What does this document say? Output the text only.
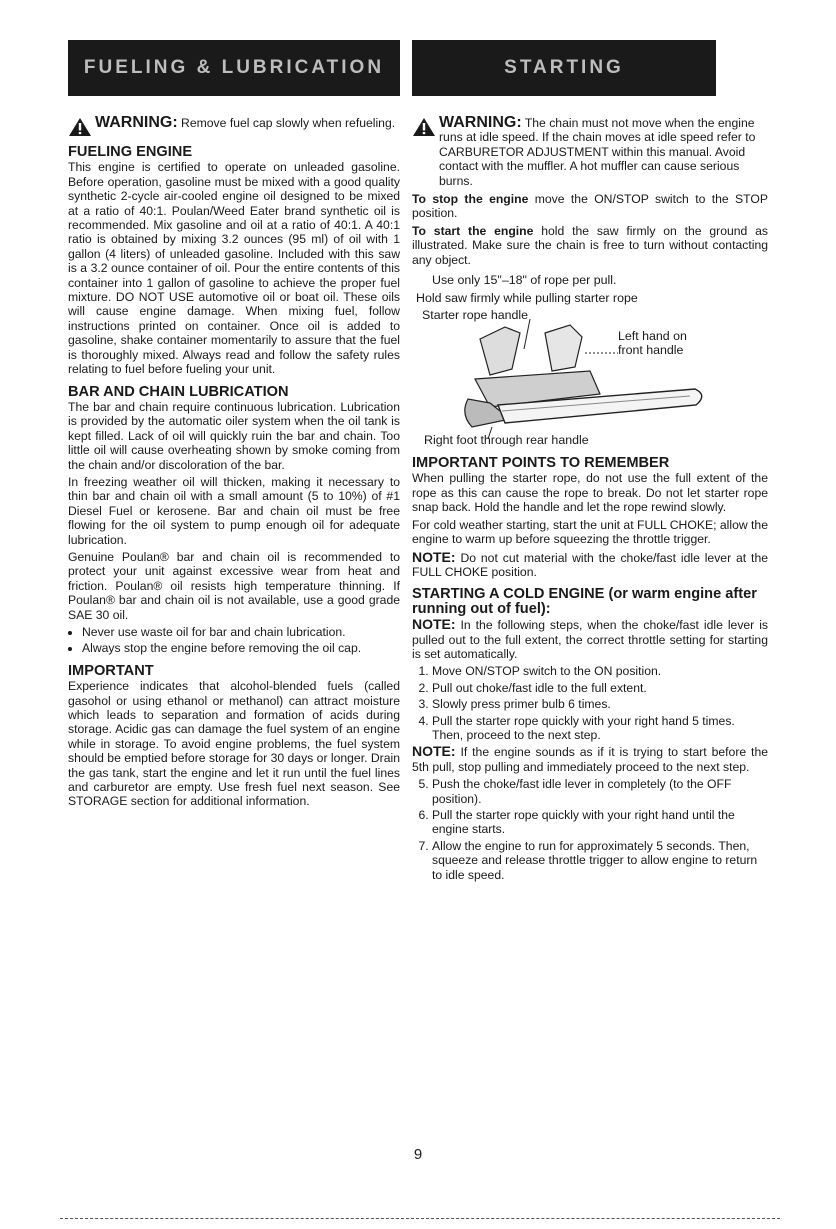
FUELING & LUBRICATION
WARNING: Remove fuel cap slowly when refueling.
FUELING ENGINE

This engine is certified to operate on unleaded gasoline. Before operation, gasoline must be mixed with a good quality synthetic 2-cycle air-cooled engine oil designed to be mixed at a ratio of 40:1. Poulan/Weed Eater brand synthetic oil is recommended. Mix gasoline and oil at a ratio of 40:1. A 40:1 ratio is obtained by mixing 3.2 ounces (95 ml) of oil with 1 gallon (4 liters) of unleaded gasoline. Included with this saw is a 3.2 ounce container of oil. Pour the entire contents of this container into 1 gallon of gasoline to achieve the proper fuel mixture. DO NOT USE automotive oil or boat oil. These oils will cause engine damage. When mixing fuel, follow instructions printed on container. Once oil is added to gasoline, shake container momentarily to assure that the fuel is thoroughly mixed. Always read and follow the safety rules relating to fuel before fueling your unit.

BAR AND CHAIN LUBRICATION

The bar and chain require continuous lubrication. Lubrication is provided by the automatic oiler system when the oil tank is kept filled. Lack of oil will quickly ruin the bar and chain. Too little oil will cause overheating shown by smoke coming from the chain and/or discoloration of the bar.

In freezing weather oil will thicken, making it necessary to thin bar and chain oil with a small amount (5 to 10%) of #1 Diesel Fuel or kerosene. Bar and chain oil must be free flowing for the oil system to pump enough oil for adequate lubrication.

Genuine Poulan® bar and chain oil is recommended to protect your unit against excessive wear from heat and friction. Poulan® oil resists high temperature thinning. If Poulan® bar and chain oil is not available, use a good grade SAE 30 oil.

• Never use waste oil for bar and chain lubrication.
• Always stop the engine before removing the oil cap.
IMPORTANT

Experience indicates that alcohol-blended fuels (called gasohol or using ethanol or methanol) can attract moisture which leads to separation and formation of acids during storage. Acidic gas can damage the fuel system of an engine while in storage. To avoid engine problems, the fuel system should be emptied before storage for 30 days or longer. Drain the gas tank, start the engine and let it run until the fuel lines and carburetor are empty. Use fresh fuel next season. See STORAGE section for additional information.

STARTING
WARNING: The chain must not move when the engine runs at idle speed. If the chain moves at idle speed refer to CARBURETOR ADJUSTMENT within this manual. Avoid contact with the muffler. A hot muffler can cause serious burns.

To stop the engine move the ON/STOP switch to the STOP position.

To start the engine hold the saw firmly on the ground as illustrated. Make sure the chain is free to turn without contacting any object.

Use only 15"–18" of rope per pull.
Hold saw firmly while pulling starter rope
Starter rope handle
Left hand on front handle
Right foot through rear handle
IMPORTANT POINTS TO REMEMBER

When pulling the starter rope, do not use the full extent of the rope as this can cause the rope to break. Do not let starter rope snap back. Hold the handle and let the rope rewind slowly.

For cold weather starting, start the unit at FULL CHOKE; allow the engine to warm up before squeezing the throttle trigger.

NOTE: Do not cut material with the choke/fast idle lever at the FULL CHOKE position.

STARTING A COLD ENGINE (or warm engine after running out of fuel):

NOTE: In the following steps, when the choke/fast idle lever is pulled out to the full extent, the correct throttle setting for starting is set automatically.

1. Move ON/STOP switch to the ON position.
2. Pull out choke/fast idle to the full extent.
3. Slowly press primer bulb 6 times.
4. Pull the starter rope quickly with your right hand 5 times. Then, proceed to the next step.

NOTE: If the engine sounds as if it is trying to start before the 5th pull, stop pulling and immediately proceed to the next step.

5. Push the choke/fast idle lever in completely (to the OFF position).
6. Pull the starter rope quickly with your right hand until the engine starts.
7. Allow the engine to run for approximately 5 seconds. Then, squeeze and release throttle trigger to allow engine to return to idle speed.
9
